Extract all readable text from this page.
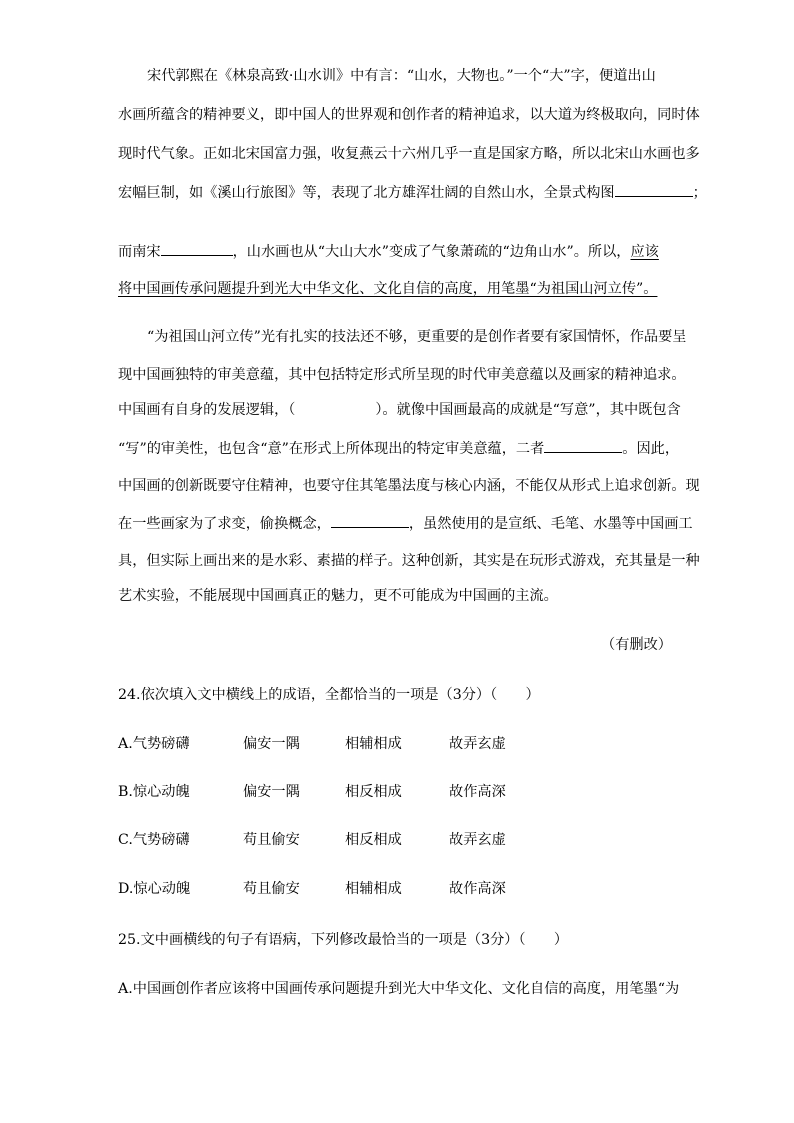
宋代郭熙在《林泉高致·山水训》中有言：“山水，大物也。”一个“大”字，便道出山
水画所蕴含的精神要义，即中国人的世界观和创作者的精神追求，以大道为终极取向，同时体
现时代气象。正如北宋国富力强，收复燕云十六州几乎一直是国家方略，所以北宋山水画也多
宏幅巨制，如《溪山行旅图》等，表现了北方雄浑壮阔的自然山水，全景式构图	；
而南宋	，山水画也从“大山大水”变成了气象萧疏的“边角山水”。所以，应该
将中国画传承问题提升到光大中华文化、文化自信的高度，用笔墨“为祖国山河立传”。
“为祖国山河立传”光有扎实的技法还不够，更重要的是创作者要有家国情怀，作品要呈
现中国画独特的审美意蕴，其中包括特定形式所呈现的时代审美意蕴以及画家的精神追求。
中国画有自身的发展逻辑，（	）。就像中国画最高的成就是“写意”，其中既包含
“写”的审美性，也包含“意”在形式上所体现出的特定审美意蕴，二者	。因此，
中国画的创新既要守住精神，也要守住其笔墨法度与核心内涵，不能仅从形式上追求创新。现
在一些画家为了求变，偷换概念，	，虽然使用的是宣纸、毛笔、水墨等中国画工
具，但实际上画出来的是水彩、素描的样子。这种创新，其实是在玩形式游戏，充其量是一种
艺术实验，不能展现中国画真正的魅力，更不可能成为中国画的主流。
（有删改）
24.依次填入文中横线上的成语，全都恰当的一项是（3分）（　　）
A.气势磅礴	偏安一隅	相辅相成	故弄玄虚
B.惊心动魄	偏安一隅	相反相成	故作高深
C.气势磅礴	苟且偷安	相反相成	故弄玄虚
D.惊心动魄	苟且偷安	相辅相成	故作高深
25.文中画横线的句子有语病，下列修改最恰当的一项是（3分）（　　）
A.中国画创作者应该将中国画传承问题提升到光大中华文化、文化自信的高度，用笔墨“为
